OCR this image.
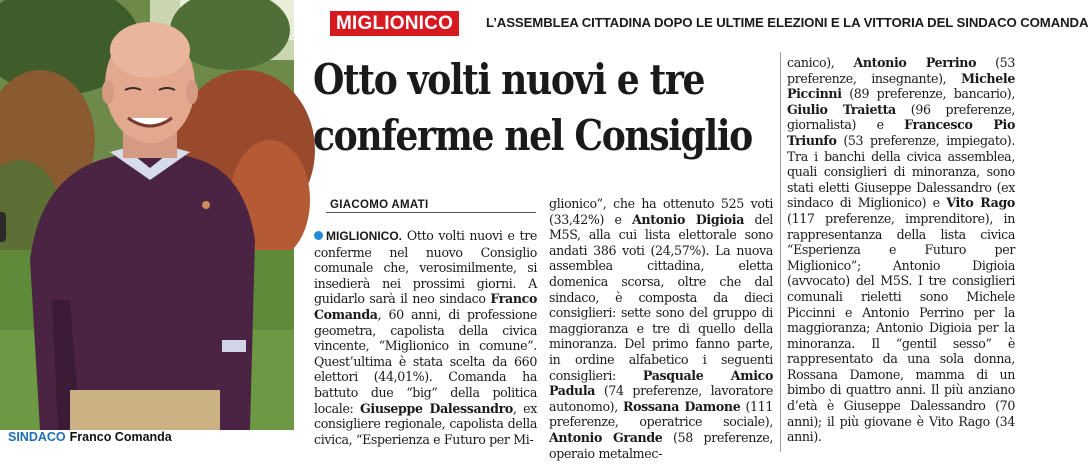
SINDACO Franco Comanda
MIGLIONICO	L’ASSEMBLEA CITTADINA DOPO LE ULTIME ELEZIONI E LA VITTORIA DEL SINDACO COMANDA
Otto volti nuovi e tre
conferme nel Consiglio
GIACOMO AMATI

MIGLIONICO. Otto volti nuovi e tre conferme nel nuovo Consiglio comunale che, verosimilmente, si insedierà nei prossimi giorni. A guidarlo sarà il neo sindaco Franco Comanda, 60 anni, di professione geometra, capolista della civica vincente, “Miglionico in comune”. Quest’ultima è stata scelta da 660 elettori (44,01%). Comanda ha battuto due “big” della politica locale: Giuseppe Dalessandro, ex consigliere regionale, capolista della civica, “Esperienza e Futuro per Mi-

glionico”, che ha ottenuto 525 voti (33,42%) e Antonio Digioia del M5S, alla cui lista elettorale sono andati 386 voti (24,57%). La nuova assemblea cittadina, eletta domenica scorsa, oltre che dal sindaco, è composta da dieci consiglieri: sette sono del gruppo di maggioranza e tre di quello della minoranza. Del primo fanno parte, in ordine alfabetico i seguenti consiglieri: Pasquale Amico Padula (74 preferenze, lavoratore autonomo), Rossana Damone (111 preferenze, operatrice sociale), Antonio Grande (58 preferenze, operaio metalmec-

canico), Antonio Perrino (53 preferenze, insegnante), Michele Piccinni (89 preferenze, bancario), Giulio Traietta (96 preferenze, giornalista) e Francesco Pio Triunfo (53 preferenze, impiegato). Tra i banchi della civica assemblea, quali consiglieri di minoranza, sono stati eletti Giuseppe Dalessandro (ex sindaco di Miglionico) e Vito Rago (117 preferenze, imprenditore), in rappresentanza della lista civica “Esperienza e Futuro per Miglionico”; Antonio Digioia (avvocato) del M5S. I tre consiglieri comunali rieletti sono Michele Piccinni e Antonio Perrino per la maggioranza; Antonio Digioia per la minoranza. Il “gentil sesso” è rappresentato da una sola donna, Rossana Damone, mamma di un bimbo di quattro anni. Il più anziano d’età è Giuseppe Dalessandro (70 anni); il più giovane è Vito Rago (34 anni).
